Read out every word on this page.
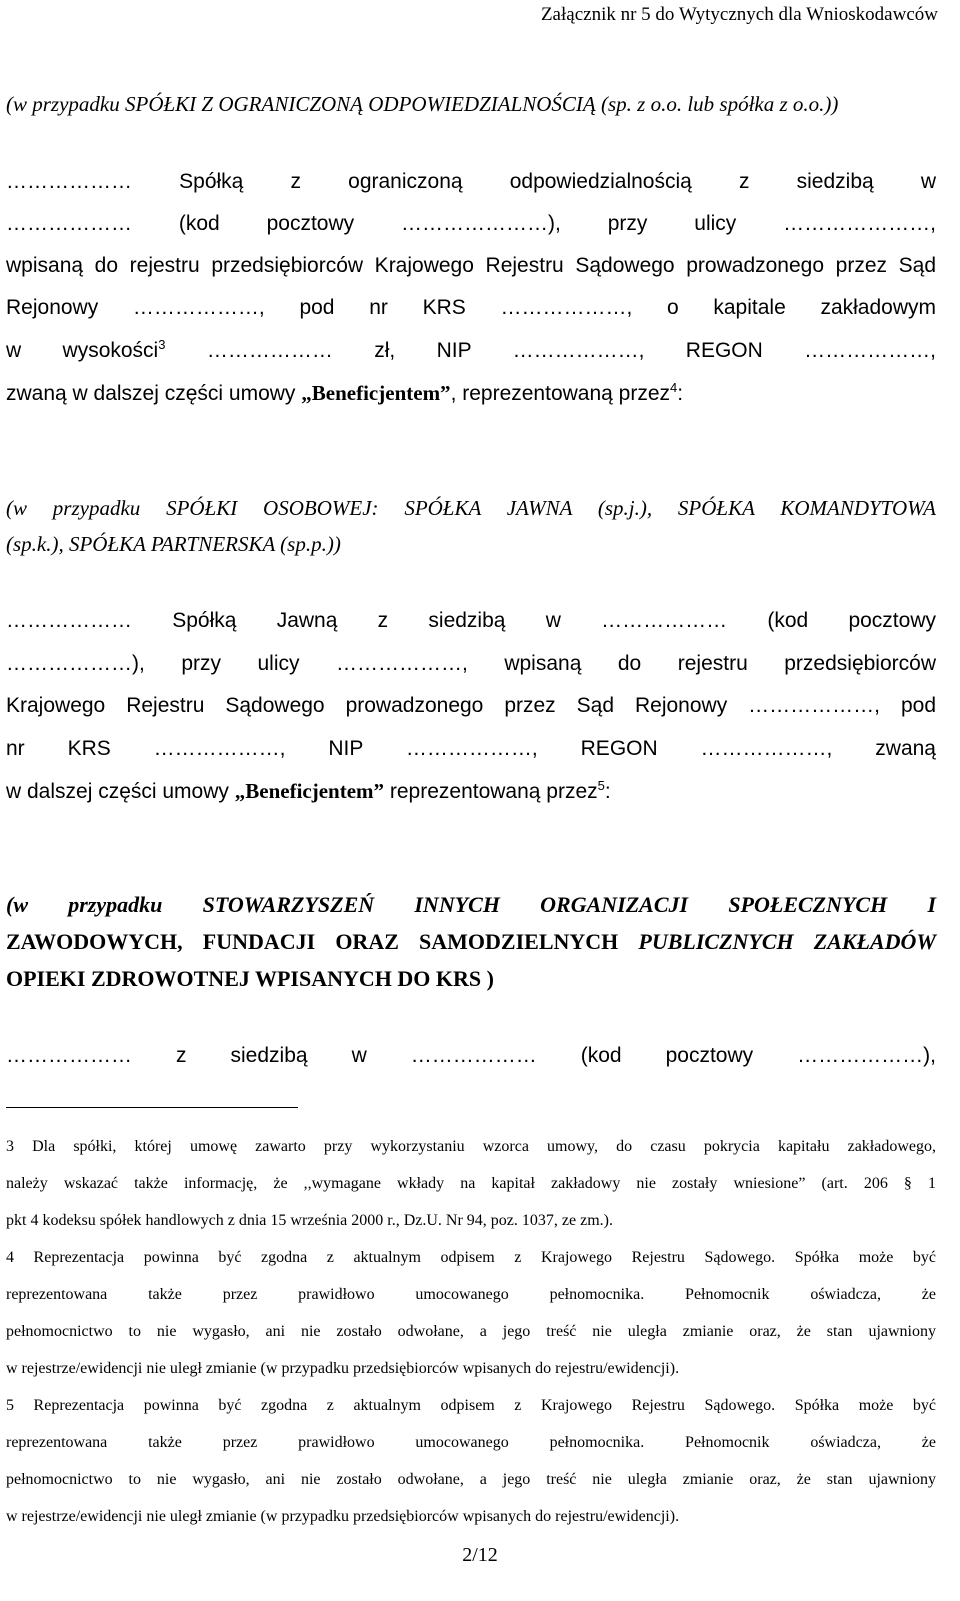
Załącznik nr 5 do Wytycznych dla Wnioskodawców
(w przypadku SPÓŁKI Z OGRANICZONĄ ODPOWIEDZIALNOŚCIĄ (sp. z o.o. lub spółka z o.o.))
……………… Spółką z ograniczoną odpowiedzialnością z siedzibą w
……………… (kod pocztowy …………………), przy ulicy …………………,
wpisaną do rejestru przedsiębiorców Krajowego Rejestru Sądowego prowadzonego przez Sąd
Rejonowy ………………, pod nr KRS ………………, o kapitale zakładowym
w wysokości$^3$ ……………… zł, NIP ………………, REGON ………………,
zwaną w dalszej części umowy „Beneficjentem”, reprezentowaną przez$^4$:
(w przypadku SPÓŁKI OSOBOWEJ: SPÓŁKA JAWNA (sp.j.), SPÓŁKA KOMANDYTOWA
(sp.k.), SPÓŁKA PARTNERSKA (sp.p.))
……………… Spółką Jawną z siedzibą w ……………… (kod pocztowy
………………), przy ulicy ………………, wpisaną do rejestru przedsiębiorców
Krajowego Rejestru Sądowego prowadzonego przez Sąd Rejonowy ………………, pod
nr KRS ………………, NIP ………………, REGON ………………, zwaną
w dalszej części umowy „Beneficjentem” reprezentowaną przez$^5$:
(w przypadku STOWARZYSZEŃ INNYCH ORGANIZACJI SPOŁECZNYCH I
ZAWODOWYCH, FUNDACJI ORAZ SAMODZIELNYCH PUBLICZNYCH ZAKŁADÓW
OPIEKI ZDROWOTNEJ WPISANYCH DO KRS )
……………… z siedzibą w ……………… (kod pocztowy ………………),
3 Dla spółki, której umowę zawarto przy wykorzystaniu wzorca umowy, do czasu pokrycia kapitału zakładowego,
należy wskazać także informację, że ,,wymagane wkłady na kapitał zakładowy nie zostały wniesione” (art. 206 § 1
pkt 4 kodeksu spółek handlowych z dnia 15 września 2000 r., Dz.U. Nr 94, poz. 1037, ze zm.).
4 Reprezentacja powinna być zgodna z aktualnym odpisem z Krajowego Rejestru Sądowego. Spółka może być
reprezentowana także przez prawidłowo umocowanego pełnomocnika. Pełnomocnik oświadcza, że
pełnomocnictwo to nie wygasło, ani nie zostało odwołane, a jego treść nie uległa zmianie oraz, że stan ujawniony
w rejestrze/ewidencji nie uległ zmianie (w przypadku przedsiębiorców wpisanych do rejestru/ewidencji).
5 Reprezentacja powinna być zgodna z aktualnym odpisem z Krajowego Rejestru Sądowego. Spółka może być
reprezentowana także przez prawidłowo umocowanego pełnomocnika. Pełnomocnik oświadcza, że
pełnomocnictwo to nie wygasło, ani nie zostało odwołane, a jego treść nie uległa zmianie oraz, że stan ujawniony
w rejestrze/ewidencji nie uległ zmianie (w przypadku przedsiębiorców wpisanych do rejestru/ewidencji).
2/12
